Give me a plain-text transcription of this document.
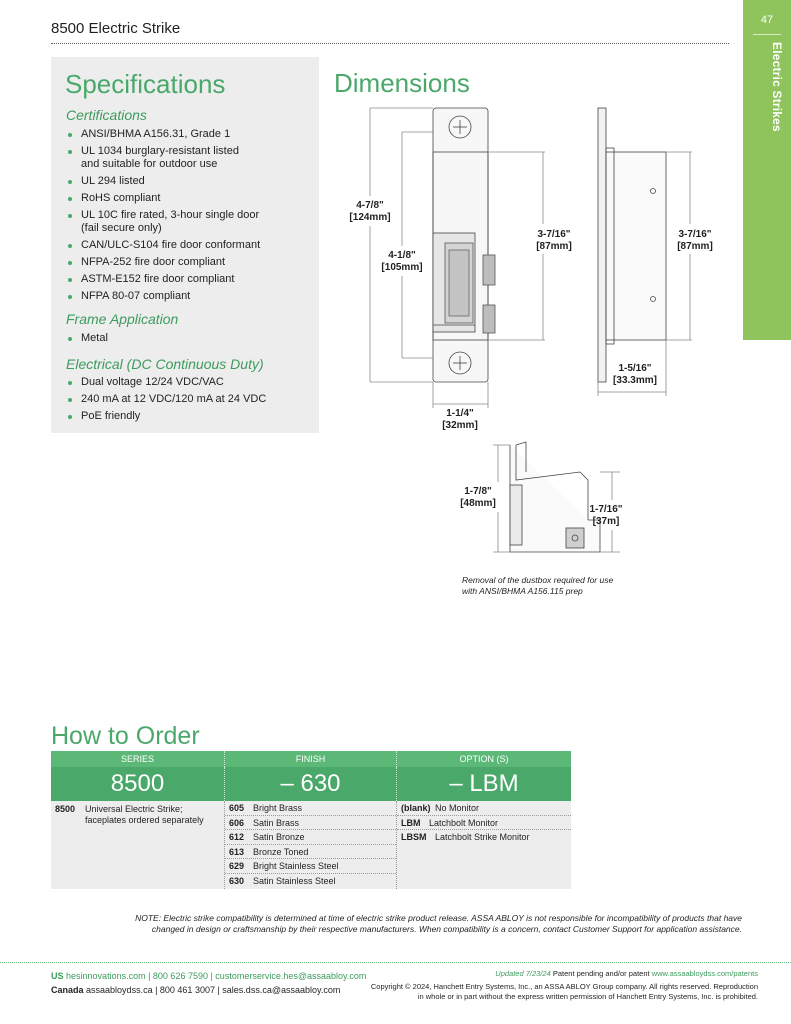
8500 Electric Strike	47
Electric Strikes
Specifications
Certifications
ANSI/BHMA A156.31, Grade 1
UL 1034 burglary-resistant listed and suitable for outdoor use
UL 294 listed
RoHS compliant
UL 10C fire rated, 3-hour single door (fail secure only)
CAN/ULC-S104 fire door conformant
NFPA-252 fire door compliant
ASTM-E152 fire door compliant
NFPA 80-07 compliant
Frame Application
Metal
Electrical (DC Continuous Duty)
Dual voltage 12/24 VDC/VAC
240 mA at 12 VDC/120 mA at 24 VDC
PoE friendly
Dimensions
4-7/8"
[124mm]
4-1/8"
[105mm]
3-7/16"
[87mm]
3-7/16"
[87mm]
1-1/4"
[32mm]
1-5/16"
[33.3mm]
1-7/8"
[48mm]
1-7/16"
[37m]
Removal of the dustbox required for use with ANSI/BHMA A156.115 prep
How to Order
SERIES	FINISH	OPTION (S)
8500	– 630	– LBM
8500	Universal Electric Strike; faceplates ordered separately
605 Bright Brass
606 Satin Brass
612 Satin Bronze
613 Bronze Toned
629 Bright Stainless Steel
630 Satin Stainless Steel
(blank) No Monitor
LBM Latchbolt Monitor
LBSM Latchbolt Strike Monitor
NOTE: Electric strike compatibility is determined at time of electric strike product release. ASSA ABLOY is not responsible for incompatibility of products that have changed in design or craftsmanship by their respective manufacturers. When compatibility is a concern, contact Customer Support for application assistance.
US hesinnovations.com | 800 626 7590 | customerservice.hes@assaabloy.com
Canada assaabloydss.ca | 800 461 3007 | sales.dss.ca@assaabloy.com
Updated 7/23/24 Patent pending and/or patent www.assaabloydss.com/patents
Copyright © 2024, Hanchett Entry Systems, Inc., an ASSA ABLOY Group company. All rights reserved. Reproduction
in whole or in part without the express written permission of Hanchett Entry Systems, Inc. is prohibited.
